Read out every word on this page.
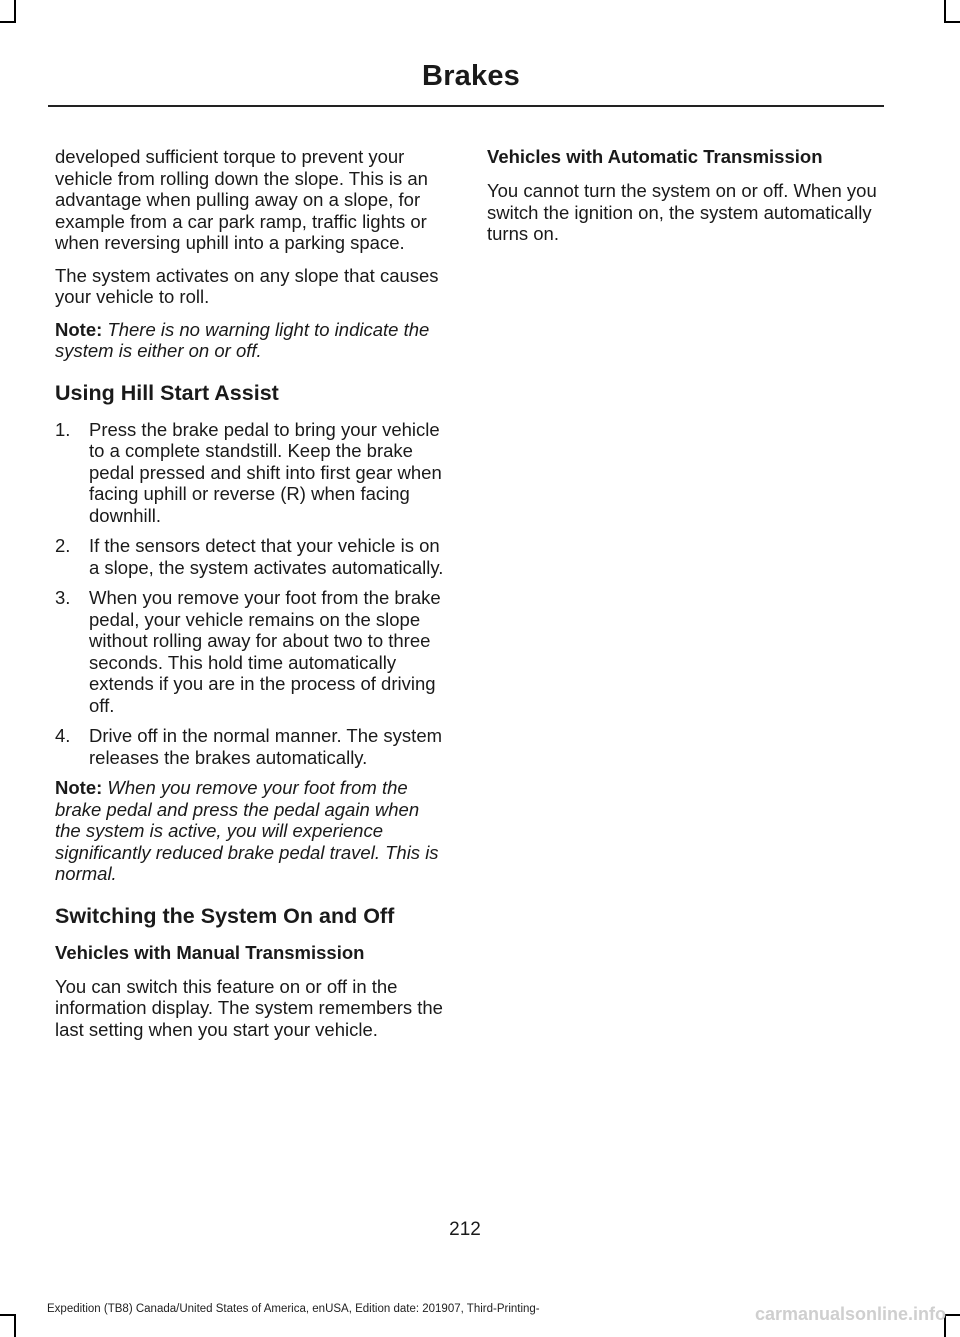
Brakes

developed sufficient torque to prevent your vehicle from rolling down the slope. This is an advantage when pulling away on a slope, for example from a car park ramp, traffic lights or when reversing uphill into a parking space.

The system activates on any slope that causes your vehicle to roll.

Note: There is no warning light to indicate the system is either on or off.

Using Hill Start Assist
1. Press the brake pedal to bring your vehicle to a complete standstill. Keep the brake pedal pressed and shift into first gear when facing uphill or reverse (R) when facing downhill.
2. If the sensors detect that your vehicle is on a slope, the system activates automatically.
3. When you remove your foot from the brake pedal, your vehicle remains on the slope without rolling away for about two to three seconds. This hold time automatically extends if you are in the process of driving off.
4. Drive off in the normal manner. The system releases the brakes automatically.

Note: When you remove your foot from the brake pedal and press the pedal again when the system is active, you will experience significantly reduced brake pedal travel. This is normal.

Switching the System On and Off
Vehicles with Manual Transmission

You can switch this feature on or off in the information display. The system remembers the last setting when you start your vehicle.

Vehicles with Automatic Transmission

You cannot turn the system on or off. When you switch the ignition on, the system automatically turns on.

212
Expedition (TB8) Canada/United States of America, enUSA, Edition date: 201907, Third-Printing-	carmanualsonline.info
